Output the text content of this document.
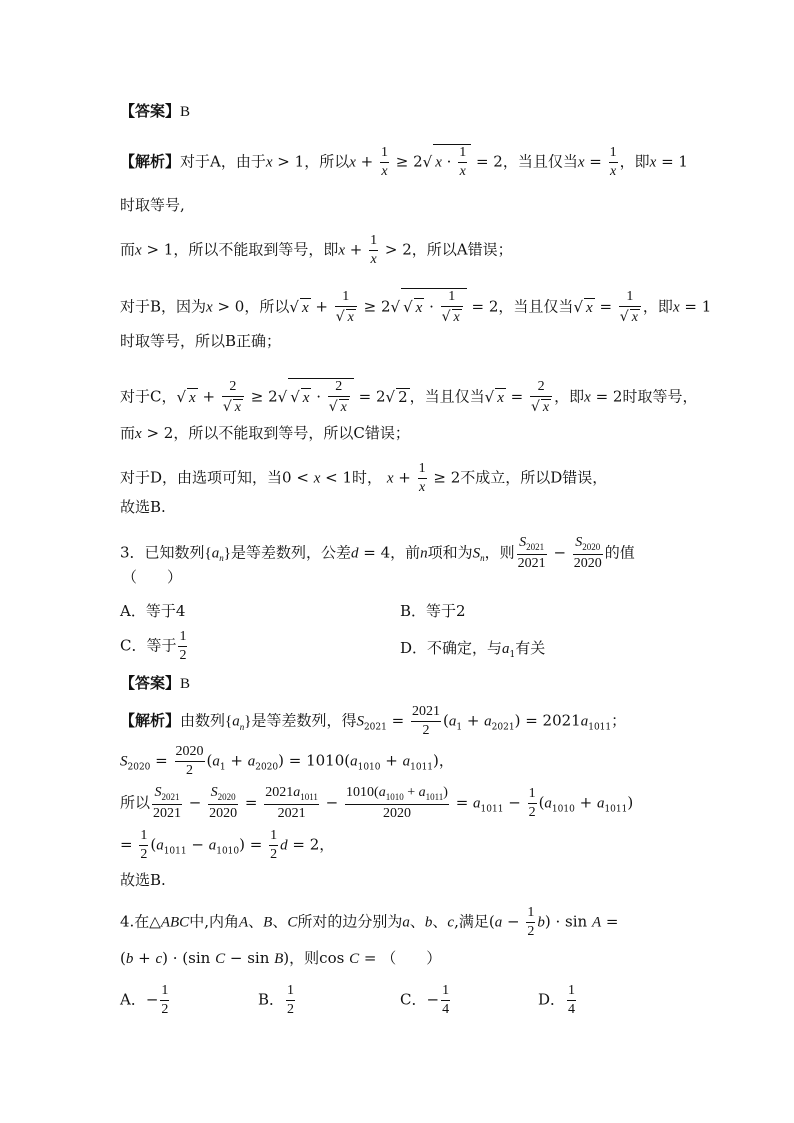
【答案】B
【解析】对于A，由于x > 1，所以$x + \frac{1}{x} \ge 2√$ $x \cdot \frac{1}{x} = 2$，当且仅当$x = \frac{1}{x}$ ，即x = 1
时取等号,
而x > 1，所以不能取到等号，即$x + \frac{1}{x} > 2$，所以A错误；
对于B，因为x > 0，所以√ x + 1
√ x ≥ 2√ √ x · 1
√ x = 2，当且仅当√ x = 1
√ x ，即x = 1
时取等号，所以B正确；
对于C，√ x + 2
√ x ≥ 2√ √ x · 2
√ x = 2√ 2 ，当且仅当√ x = 2
√ x ，即x = 2时取等号，
而x > 2，所以不能取到等号，所以C错误；
对于D，由选项可知，当0 < x < 1时， $x + \frac{1}{x} \ge 2$不成立，所以D错误，
故选B.
3．已知数列$\{a_n\}$是等差数列，公差d = 4，前n项和为$S_n$，则 $\frac{S_{2021}}{2021} - \frac{S_{2020}}{2020}$ 的值
（　　）
A．等于4	B．等于2
C．等于 $\frac{1}{2}$	D．不确定，与$a_1$有关
【答案】B
【解析】由数列$\{a_n\}$是等差数列，得$S_{2021} = \frac{2021}{2} (a_1 + a_{2021}) = 2021a_{1011}$；
$S_{2020} = \frac{2020}{2} (a_1 + a_{2020}) = 1010(a_{1010} + a_{1011})$，
所以 $\frac{S_{2021}}{2021} - \frac{S_{2020}}{2020} = \frac{2021a_{1011}}{2021} - \frac{1010(a_{1010} + a_{1011})}{2020} = a_{1011} - \frac{1}{2} (a_{1010} + a_{1011})$
= $\frac{1}{2} (a_{1011} - a_{1010}) = \frac{1}{2}$ d = 2，
故选B.
4.在△ABC中,内角A、B、C所对的边分别为a、b、c,满足$(a - \frac{1}{2} b) \cdot \sin A$ =
(b + c) · (sin C − sin B)，则cos C = （　　）
A．− $\frac{1}{2}$	B． $\frac{1}{2}$	C．− $\frac{1}{4}$	D． $\frac{1}{4}$
